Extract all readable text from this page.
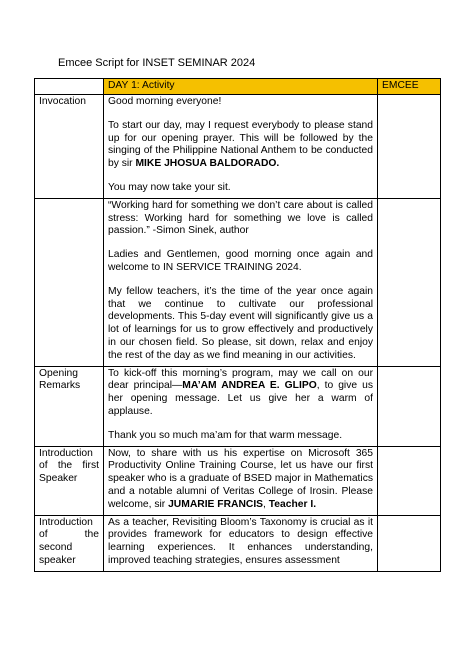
Emcee Script for INSET SEMINAR 2024
	DAY 1: Activity	EMCEE
Invocation	Good morning everyone!

To start our day, may I request everybody to please stand up for our opening prayer. This will be followed by the singing of the Philippine National Anthem to be conducted by sir MIKE JHOSUA BALDORADO.

You may now take your sit.	

	“Working hard for something we don’t care about is called stress: Working hard for something we love is called passion.” -Simon Sinek, author

Ladies and Gentlemen, good morning once again and welcome to IN SERVICE TRAINING 2024.

My fellow teachers, it’s the time of the year once again that we continue to cultivate our professional developments. This 5-day event will significantly give us a lot of learnings for us to grow effectively and productively in our chosen field. So please, sit down, relax and enjoy the rest of the day as we find meaning in our activities.	

Opening Remarks	To kick-off this morning’s program, may we call on our dear principal—MA’AM ANDREA E. GLIPO, to give us her opening message. Let us give her a warm of applause.

Thank you so much ma’am for that warm message.	

Introduction of the first Speaker	Now, to share with us his expertise on Microsoft 365 Productivity Online Training Course, let us have our first speaker who is a graduate of BSED major in Mathematics and a notable alumni of Veritas College of Irosin. Please welcome, sir JUMARIE FRANCIS, Teacher I.	

Introduction of the second speaker	As a teacher, Revisiting Bloom’s Taxonomy is crucial as it provides framework for educators to design effective learning experiences. It enhances understanding, improved teaching strategies, ensures assessment	
